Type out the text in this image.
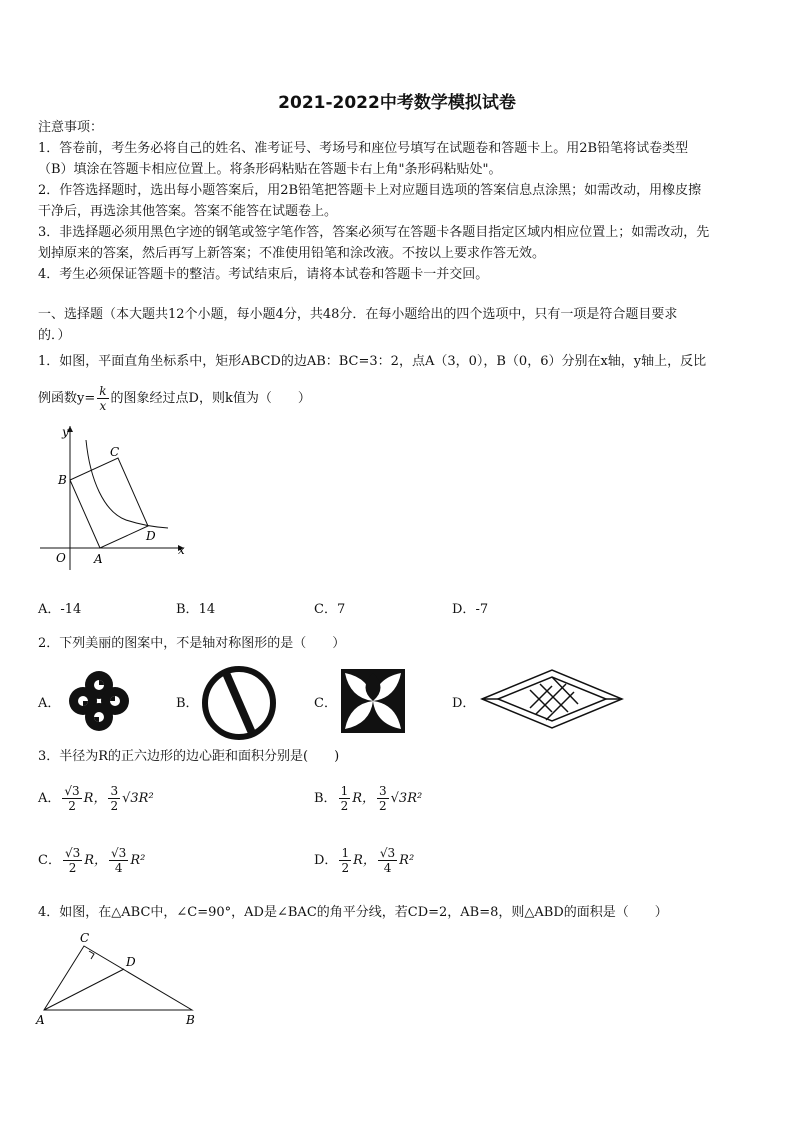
2021-2022中考数学模拟试卷
注意事项：
1．答卷前，考生务必将自己的姓名、准考证号、考场号和座位号填写在试题卷和答题卡上。用2B铅笔将试卷类型
（B）填涂在答题卡相应位置上。将条形码粘贴在答题卡右上角"条形码粘贴处"。
2．作答选择题时，选出每小题答案后，用2B铅笔把答题卡上对应题目选项的答案信息点涂黑；如需改动，用橡皮擦
干净后，再选涂其他答案。答案不能答在试题卷上。
3．非选择题必须用黑色字迹的钢笔或签字笔作答，答案必须写在答题卡各题目指定区域内相应位置上；如需改动，先
划掉原来的答案，然后再写上新答案；不准使用铅笔和涂改液。不按以上要求作答无效。
4．考生必须保证答题卡的整洁。考试结束后，请将本试卷和答题卡一并交回。
一、选择题（本大题共12个小题，每小题4分，共48分．在每小题给出的四个选项中，只有一项是符合题目要求
的．）
1．如图，平面直角坐标系中，矩形ABCD的边AB：BC=3：2，点A（3，0），B（0，6）分别在x轴，y轴上，反比
例函数$y= \frac{k}{x}$ 的图象经过点D，则k值为（　　）
y
x
O A
B
C
D
A．-14	B．14	C．7	D．-7
2．下列美丽的图案中，不是轴对称图形的是（　　）
A．	B．	C．	D．
3．半径为R的正六边形的边心距和面积分别是(　　)
A． $\frac{√3}{2}$ R， $\frac{3}{2} √3R^2$	B． $\frac{1}{2}$ R， $\frac{3}{2} √3R^2$
C． $\frac{√3}{2}$ R， $\frac{√3}{4} R^2$	D． $\frac{1}{2}$ R， $\frac{√3}{4} R^2$
4．如图，在△ABC中，∠C=90°，AD是∠BAC的角平分线，若CD=2，AB=8，则△ABD的面积是（　　）
C
D
A	B
